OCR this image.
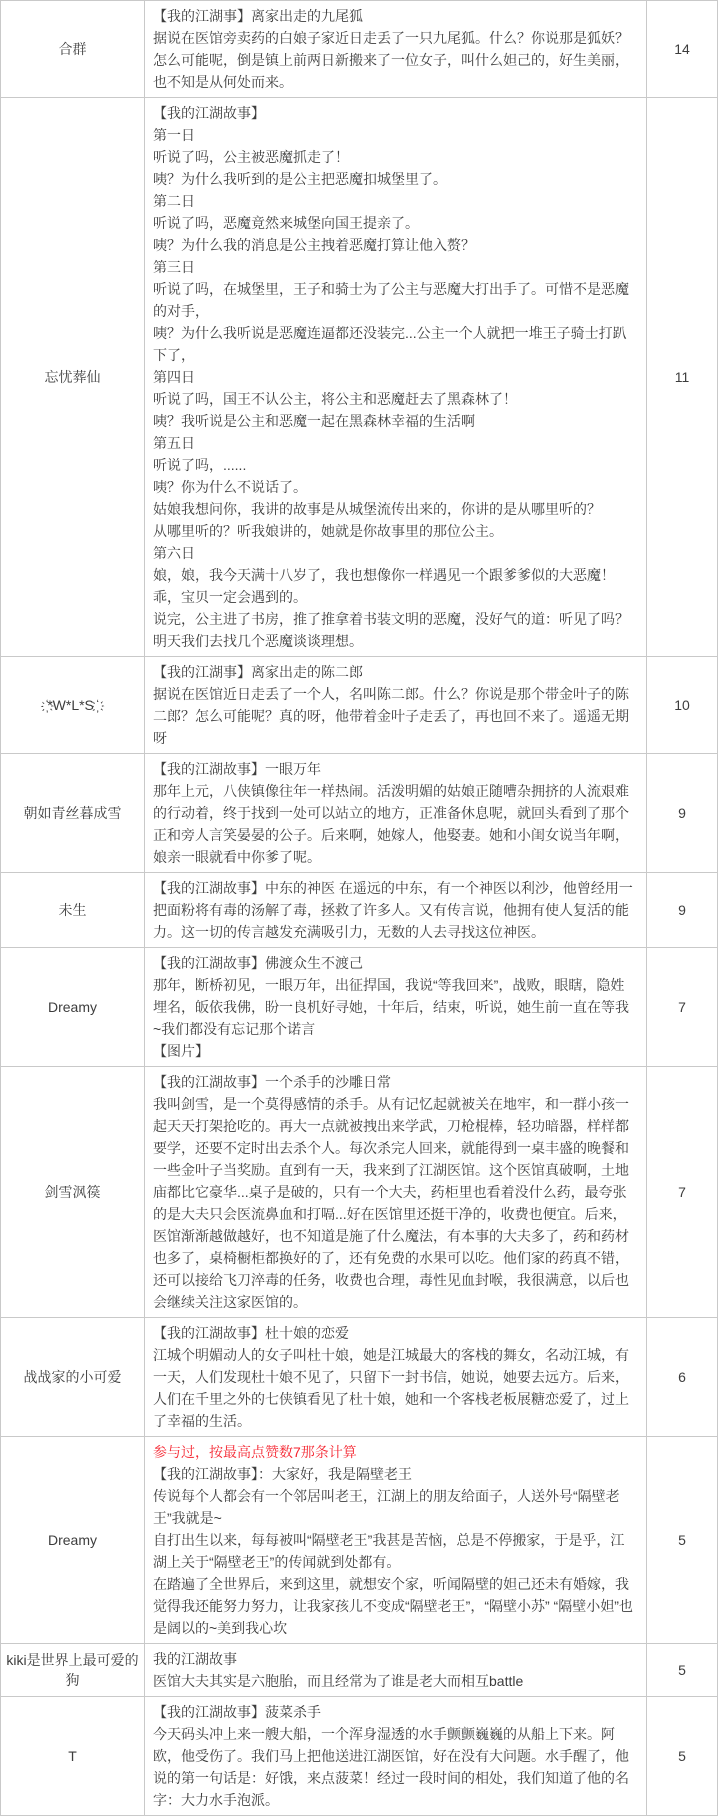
合群
【我的江湖事】离家出走的九尾狐
据说在医馆旁卖药的白娘子家近日走丢了一只九尾狐。什么？你说那是狐妖？怎么可能呢，倒是镇上前两日新搬来了一位女子，叫什么妲己的，好生美丽，也不知是从何处而来。
14
忘忧葬仙
【我的江湖故事】
第一日
听说了吗，公主被恶魔抓走了！
咦？为什么我听到的是公主把恶魔扣城堡里了。
第二日
听说了吗，恶魔竟然来城堡向国王提亲了。
咦？为什么我的消息是公主拽着恶魔打算让他入赘？
第三日
听说了吗，在城堡里，王子和骑士为了公主与恶魔大打出手了。可惜不是恶魔的对手，
咦？为什么我听说是恶魔连逼都还没装完...公主一个人就把一堆王子骑士打趴下了，
第四日
听说了吗，国王不认公主，将公主和恶魔赶去了黑森林了！
咦？我听说是公主和恶魔一起在黑森林幸福的生活啊
第五日
听说了吗，......
咦？你为什么不说话了。
姑娘我想问你，我讲的故事是从城堡流传出来的，你讲的是从哪里听的？
从哪里听的？听我娘讲的，她就是你故事里的那位公主。
第六日
娘，娘，我今天满十八岁了，我也想像你一样遇见一个跟爹爹似的大恶魔！
乖，宝贝一定会遇到的。
说完，公主进了书房，推了推拿着书装文明的恶魔，没好气的道：听见了吗？明天我们去找几个恶魔谈谈理想。
11
҉*W*L*S ҉
【我的江湖事】离家出走的陈二郎
据说在医馆近日走丢了一个人，名叫陈二郎。什么？你说是那个带金叶子的陈二郎？怎么可能呢？真的呀，他带着金叶子走丢了，再也回不来了。遥遥无期呀
10
朝如青丝暮成雪
【我的江湖故事】一眼万年
那年上元，八侠镇像往年一样热闹。活泼明媚的姑娘正随嘈杂拥挤的人流艰难的行动着，终于找到一处可以站立的地方，正准备休息呢，就回头看到了那个正和旁人言笑晏晏的公子。后来啊，她嫁人，他娶妻。她和小闺女说当年啊，娘亲一眼就看中你爹了呢。
9
未生
【我的江湖故事】中东的神医 在遥远的中东，有一个神医以利沙，他曾经用一把面粉将有毒的汤解了毒，拯救了许多人。又有传言说，他拥有使人复活的能力。这一切的传言越发充满吸引力，无数的人去寻找这位神医。
9
Dreamy
【我的江湖故事】佛渡众生不渡己
那年，断桥初见，一眼万年，出征捍国，我说“等我回来”，战败，眼瞎，隐姓埋名，皈依我佛，盼一良机好寻她，十年后，结束，听说，她生前一直在等我~我们都没有忘记那个诺言
【图片】
7
剑雪沨篌
【我的江湖故事】一个杀手的沙雕日常
我叫剑雪，是一个莫得感情的杀手。从有记忆起就被关在地牢，和一群小孩一起天天打架抢吃的。再大一点就被拽出来学武，刀枪棍棒，轻功暗器，样样都要学，还要不定时出去杀个人。每次杀完人回来，就能得到一桌丰盛的晚餐和一些金叶子当奖励。直到有一天，我来到了江湖医馆。这个医馆真破啊，土地庙都比它豪华...桌子是破的，只有一个大夫，药柜里也看着没什么药，最夸张的是大夫只会医流鼻血和打嗝...好在医馆里还挺干净的，收费也便宜。后来，医馆渐渐越做越好，也不知道是施了什么魔法，有本事的大夫多了，药和药材也多了，桌椅橱柜都换好的了，还有免费的水果可以吃。他们家的药真不错，还可以接给飞刀淬毒的任务，收费也合理，毒性见血封喉，我很满意，以后也会继续关注这家医馆的。
7
战战家的小可爱
【我的江湖故事】杜十娘的恋爱
江城个明媚动人的女子叫杜十娘，她是江城最大的客栈的舞女，名动江城，有一天，人们发现杜十娘不见了，只留下一封书信，她说，她要去远方。后来，人们在千里之外的七侠镇看见了杜十娘，她和一个客栈老板展糖恋爱了，过上了幸福的生活。
6
Dreamy
参与过，按最高点赞数7那条计算
【我的江湖故事】：大家好，我是隔壁老王
传说每个人都会有一个邻居叫老王，江湖上的朋友给面子，人送外号“隔壁老王”我就是~
自打出生以来，每每被叫“隔壁老王”我甚是苦恼，总是不停搬家，于是乎，江湖上关于“隔壁老王”的传闻就到处都有。
在踏遍了全世界后，来到这里，就想安个家，听闻隔壁的妲己还未有婚嫁，我觉得我还能努力努力，让我家孩儿不变成“隔壁老王”，“隔壁小苏” “隔壁小妲”也是阔以的~美到我心坎
5
kiki是世界上最可爱的狗
我的江湖故事
医馆大夫其实是六胞胎，而且经常为了谁是老大而相互battle
5
T
【我的江湖故事】菠菜杀手
今天码头冲上来一艘大船，一个浑身湿透的水手颤颤巍巍的从船上下来。阿欧，他受伤了。我们马上把他送进江湖医馆，好在没有大问题。水手醒了，他说的第一句话是：好饿，来点菠菜！经过一段时间的相处，我们知道了他的名字：大力水手泡派。
5
